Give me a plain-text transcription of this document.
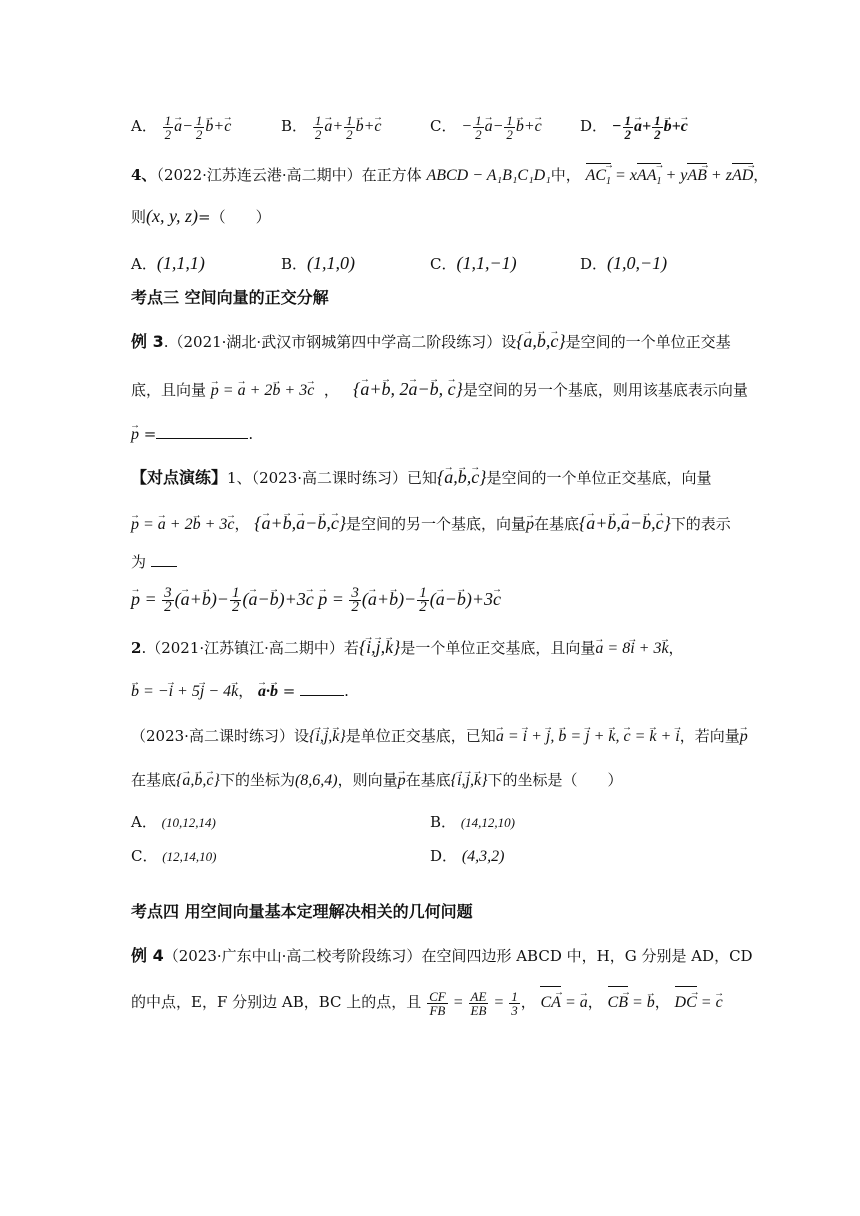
A． $\frac{1}{2}$
→ $a- \frac{1}{2}$
→ b+→ c	B． $\frac{1}{2}$
→ $a+ \frac{1}{2}$
→ b+→ c	C． − $\frac{1}{2}$
→ $a- \frac{1}{2}$
→ b+→ c	D． − $\frac{1}{2}$
→ $a+ \frac{1}{2}$
→ b+→ c
4、（2022·江苏连云港·高二期中）在正方体 ABCD − A₁B₁C₁D₁中， $AC_1$ → = xAA$_1$ → + yAB → + zAD →，
则(x, y, z)=（　　）
A．(1,1,1)	B．(1,1,0)	C．(1,1,−1)	D．(1,0,−1)
考点三 空间向量的正交分解
例 3.（2021·湖北·武汉市钢城第四中学高二阶段练习）设{→ a,→ b,→ c}是空间的一个单位正交基
底，且向量 → p = → a + 2→ b + 3→ c  ，   {→ a+→ b, 2→ a−→ b, → c}是空间的另一个基底，则用该基底表示向量
→ p =	.
【对点演练】1、（2023·高二课时练习）已知{→ a,→ b,→ c}是空间的一个单位正交基底，向量
→ p = → a + 2→ b + 3→ c， {→ a+→ b,→ a−→ b,→ c}是空间的另一个基底，向量→ p在基底{→ a+→ b,→ a−→ b,→ c}下的表示
为
→ $p = \frac{3}{2}$ (→ $a+\to b)- \frac{1}{2}$ (→ $a-\to b)+3\to c \to p = \frac{3}{2}$ (→ $a+\to b)- \frac{1}{2}$ (→ a−→ b)+3→ c
2.（2021·江苏镇江·高二期中）若{→ i,→ j,→ k}是一个单位正交基底，且向量→ a = 8→ i + 3→ k，
→ b = −→ i + 5→ j − 4→ k， → a·→ b =	.
（2023·高二课时练习）设{→ i,→ j,→ k}是单位正交基底，已知→ a = → i + → j, → b = → j + → k, → c = → k + → i，若向量→ p
在基底{→ a,→ b,→ c}下的坐标为(8,6,4)，则向量→ p在基底{→ i,→ j,→ k}下的坐标是（　　）
A． (10,12,14)	B． (14,12,10)
C． (12,14,10)	D． (4,3,2)
考点四 用空间向量基本定理解决相关的几何问题
例 4（2023·广东中山·高二校考阶段练习）在空间四边形 ABCD 中，H，G 分别是 AD，CD
的中点，E，F 分别边 AB，BC 上的点，且 $\frac{CF}{FB} = \frac{AE}{EB} = \frac{1}{3}$ ， CA → = → a， CB → = → b， DC → = → c
